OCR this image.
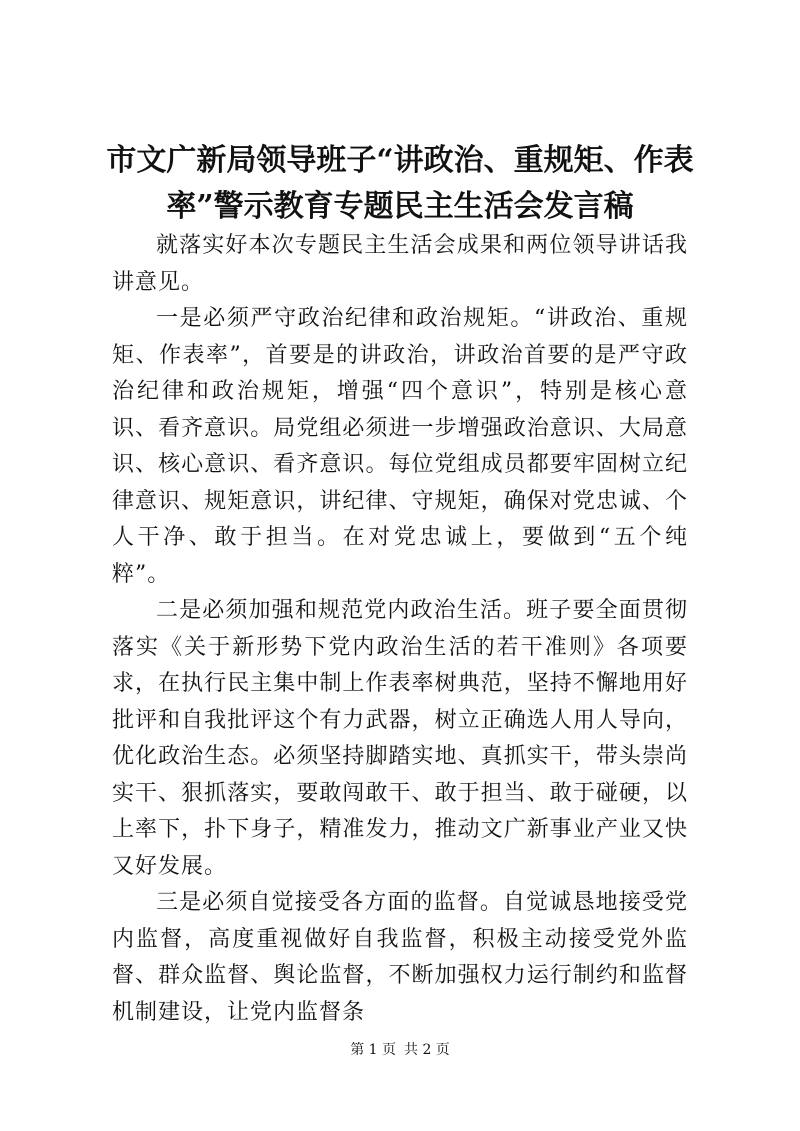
市文广新局领导班子“讲政治、重规矩、作表率”警示教育专题民主生活会发言稿

就落实好本次专题民主生活会成果和两位领导讲话我讲意见。

一是必须严守政治纪律和政治规矩。“讲政治、重规矩、作表率”，首要是的讲政治，讲政治首要的是严守政治纪律和政治规矩，增强“四个意识”，特别是核心意识、看齐意识。局党组必须进一步增强政治意识、大局意识、核心意识、看齐意识。每位党组成员都要牢固树立纪律意识、规矩意识，讲纪律、守规矩，确保对党忠诚、个人干净、敢于担当。在对党忠诚上，要做到“五个纯粹”。

二是必须加强和规范党内政治生活。班子要全面贯彻落实《关于新形势下党内政治生活的若干准则》各项要求，在执行民主集中制上作表率树典范，坚持不懈地用好批评和自我批评这个有力武器，树立正确选人用人导向，优化政治生态。必须坚持脚踏实地、真抓实干，带头崇尚实干、狠抓落实，要敢闯敢干、敢于担当、敢于碰硬，以上率下，扑下身子，精准发力，推动文广新事业产业又快又好发展。

三是必须自觉接受各方面的监督。自觉诚恳地接受党内监督，高度重视做好自我监督，积极主动接受党外监督、群众监督、舆论监督，不断加强权力运行制约和监督机制建设，让党内监督条

第 1 页 共 2 页
